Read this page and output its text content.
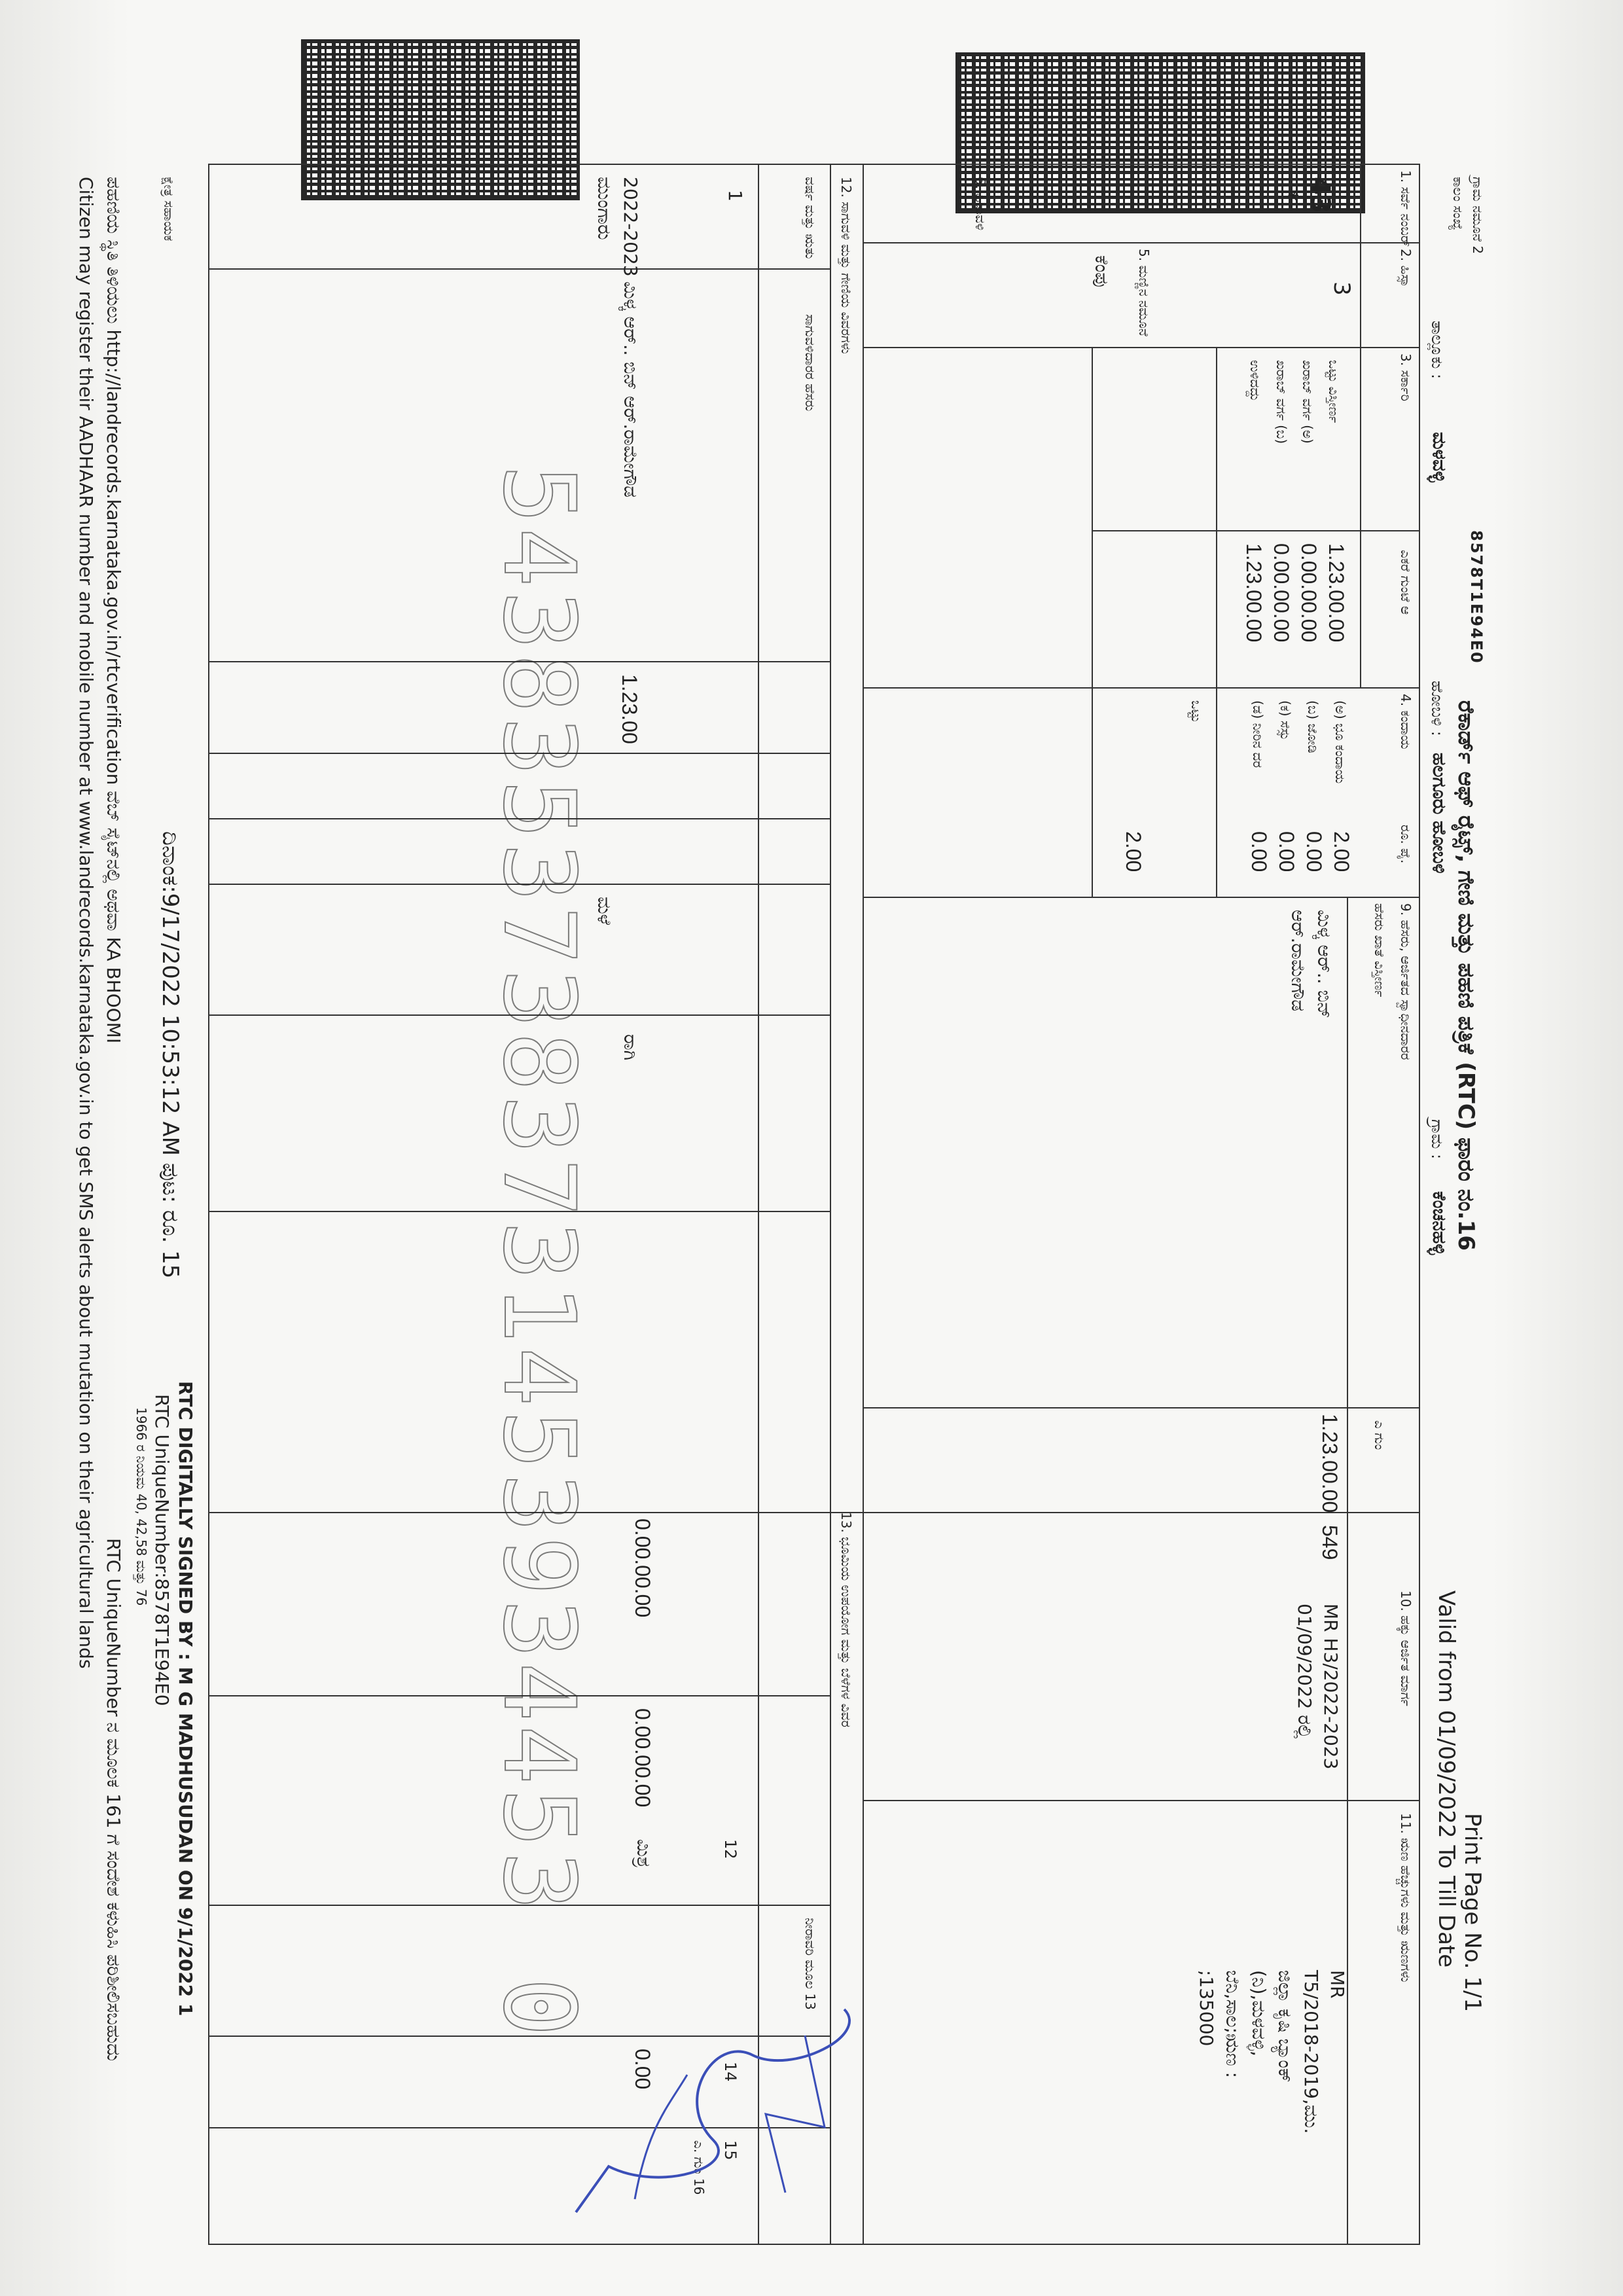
ಗ್ರಾಮ ನಮೂನೆ 2
ಕಾಲಂ ಸಂಖ್ಯೆ
8578T1E94E0
ರೆಕಾರ್ಡ್ ಆಫ್ ರೈಟ್ಸ್, ಗೇಣಿ ಮತ್ತು ಪಹಣಿ ಪತ್ರಿಕೆ (RTC) ಫಾರಂ ನಂ.16
Print Page No. 1/1
Valid from 01/09/2022 To Till Date
ತಾಲ್ಲೂಕು :
ಮಳವಳ್ಳಿ
ಹೋಬಳಿ :
ಹಲಗೂರು ಹೋಬಳಿ
ಗ್ರಾಮ :
ಕೆಂಚನಹಳ್ಳಿ
1. ಸರ್ವೆ ನಂಬರ್
43
*
2. ಹಿಸ್ಸಾ
3
5. ಮಣ್ಣಿನ ನಮೂನೆ
ಕೆಂಪು
6. ಹಿಡುವಳಿ
3. ಸರ್ಕಾರಿ
ಎಕರೆ ಗುಂಟೆ ಆ
ಒಟ್ಟು ವಿಸ್ತೀರ್ಣ
1.23.00.00
ಖರಾಬ್ ವರ್ಗ (ಅ)
0.00.00.00
ಖರಾಬ್ ವರ್ಗ (ಬ)
0.00.00.00
ಉಳಿದದ್ದು
1.23.00.00
4. ಕಂದಾಯ
ರೂ. ಪೈ.
(ಅ) ಭೂ ಕಂದಾಯ
2.00
(ಬ) ಜೋಡಿ
0.00
(ಕ) ಸೆಸ್ಸು
0.00
(ಡ) ನೀರಿನ ದರ
0.00
ಒಟ್ಟು
2.00
9. ಹೆಸರು, ಆರ್ಜಿತದ ಸ್ವಾಧೀನದಾರರ
ಹೆಸರು ಖಾತೆ ವಿಸ್ತೀರ್ಣ
ಮಿಳ್ಕ ಆರ್.. ಬಿನ್
ಆರ್.ರಾಮೇಗೌಡ
ಎ ಗುಂ
1.23.00.00
549
10. ಹಕ್ಕು ಆರ್ಜಿತ ಮಾರ್ಗ
MR H3/2022-2023
01/09/2022 ರಲ್ಲಿ
11. ಋಣ ಹೆಚ್ಚುಗಳು ಮತ್ತು ಋಣಗಳು
MR
T5/2018-2019,ಮು.
ಜಿಲ್ಲಾ ಕೃಷಿ ಬ್ಯಾಂಕ್
(ನಿ),ಮಳವಳ್ಳಿ,
ಬೆನಿ,ಸಾಲ;ಋಣ :
;135000
12. ಸಾಗುವಳಿ ಮತ್ತು ಗೇಣಿಯ ವಿವರಗಳು
13. ಭೂಮಿಯ ಉಪಯೋಗ ಮತ್ತು ಬೆಳೆಗಳ ವಿವರ
ವರ್ಷ ಮತ್ತು ಋತು
ಸಾಗುವಳಿದಾರರ ಹೆಸರು
ನೀರಾವರಿ ಮೂಲ 13
1
2022-2023
ಮುಂಗಾರು
ಮಿಳ್ಕ ಆರ್.. ಬಿನ್ ಆರ್.ರಾಮೇಗೌಡ
1.23.00
ರಾಗಿ
ಮಳೆ
0.00.00.00
0.00.00.00
ಮಿಶ್ರ	12
0.00	14
15
ಎ. ಗುಂ 16
54383537383731453934453 0
RTC DIGITALLY SIGNED BY : M G MADHUSUDAN ON 9/1/2022 1
RTC UniqueNumber:8578T1E94E0
1966 ರ ನಿಯಮ 40, 42,58 ಮತ್ತು 76
ದಿನಾಂಕ:9/17/2022 10:53:12 AM ಪುಟ: ರೂ. 15
ಕ್ಷೇತ್ರ ಸಹಾಯಕ
ಪಹಣಿಯ ಸ್ಥಿತಿ ತಿಳಿಯಲು http://landrecords.karnataka.gov.in/rtcverification ವೆಬ್ ಸೈಟ್‌ನಲ್ಲಿ ಅಥವಾ KA BHOOMI
RTC UniqueNumber ನ ಮೂಲಕ 161 ಗೆ ಸಂದೇಶ ಕಳುಹಿಸಿ ಪರಿಶೀಲಿಸಬಹುದು
Citizen may register their AADHAAR number and mobile number at www.landrecords.karnataka.gov.in to get SMS alerts about mutation on their agricultural lands
